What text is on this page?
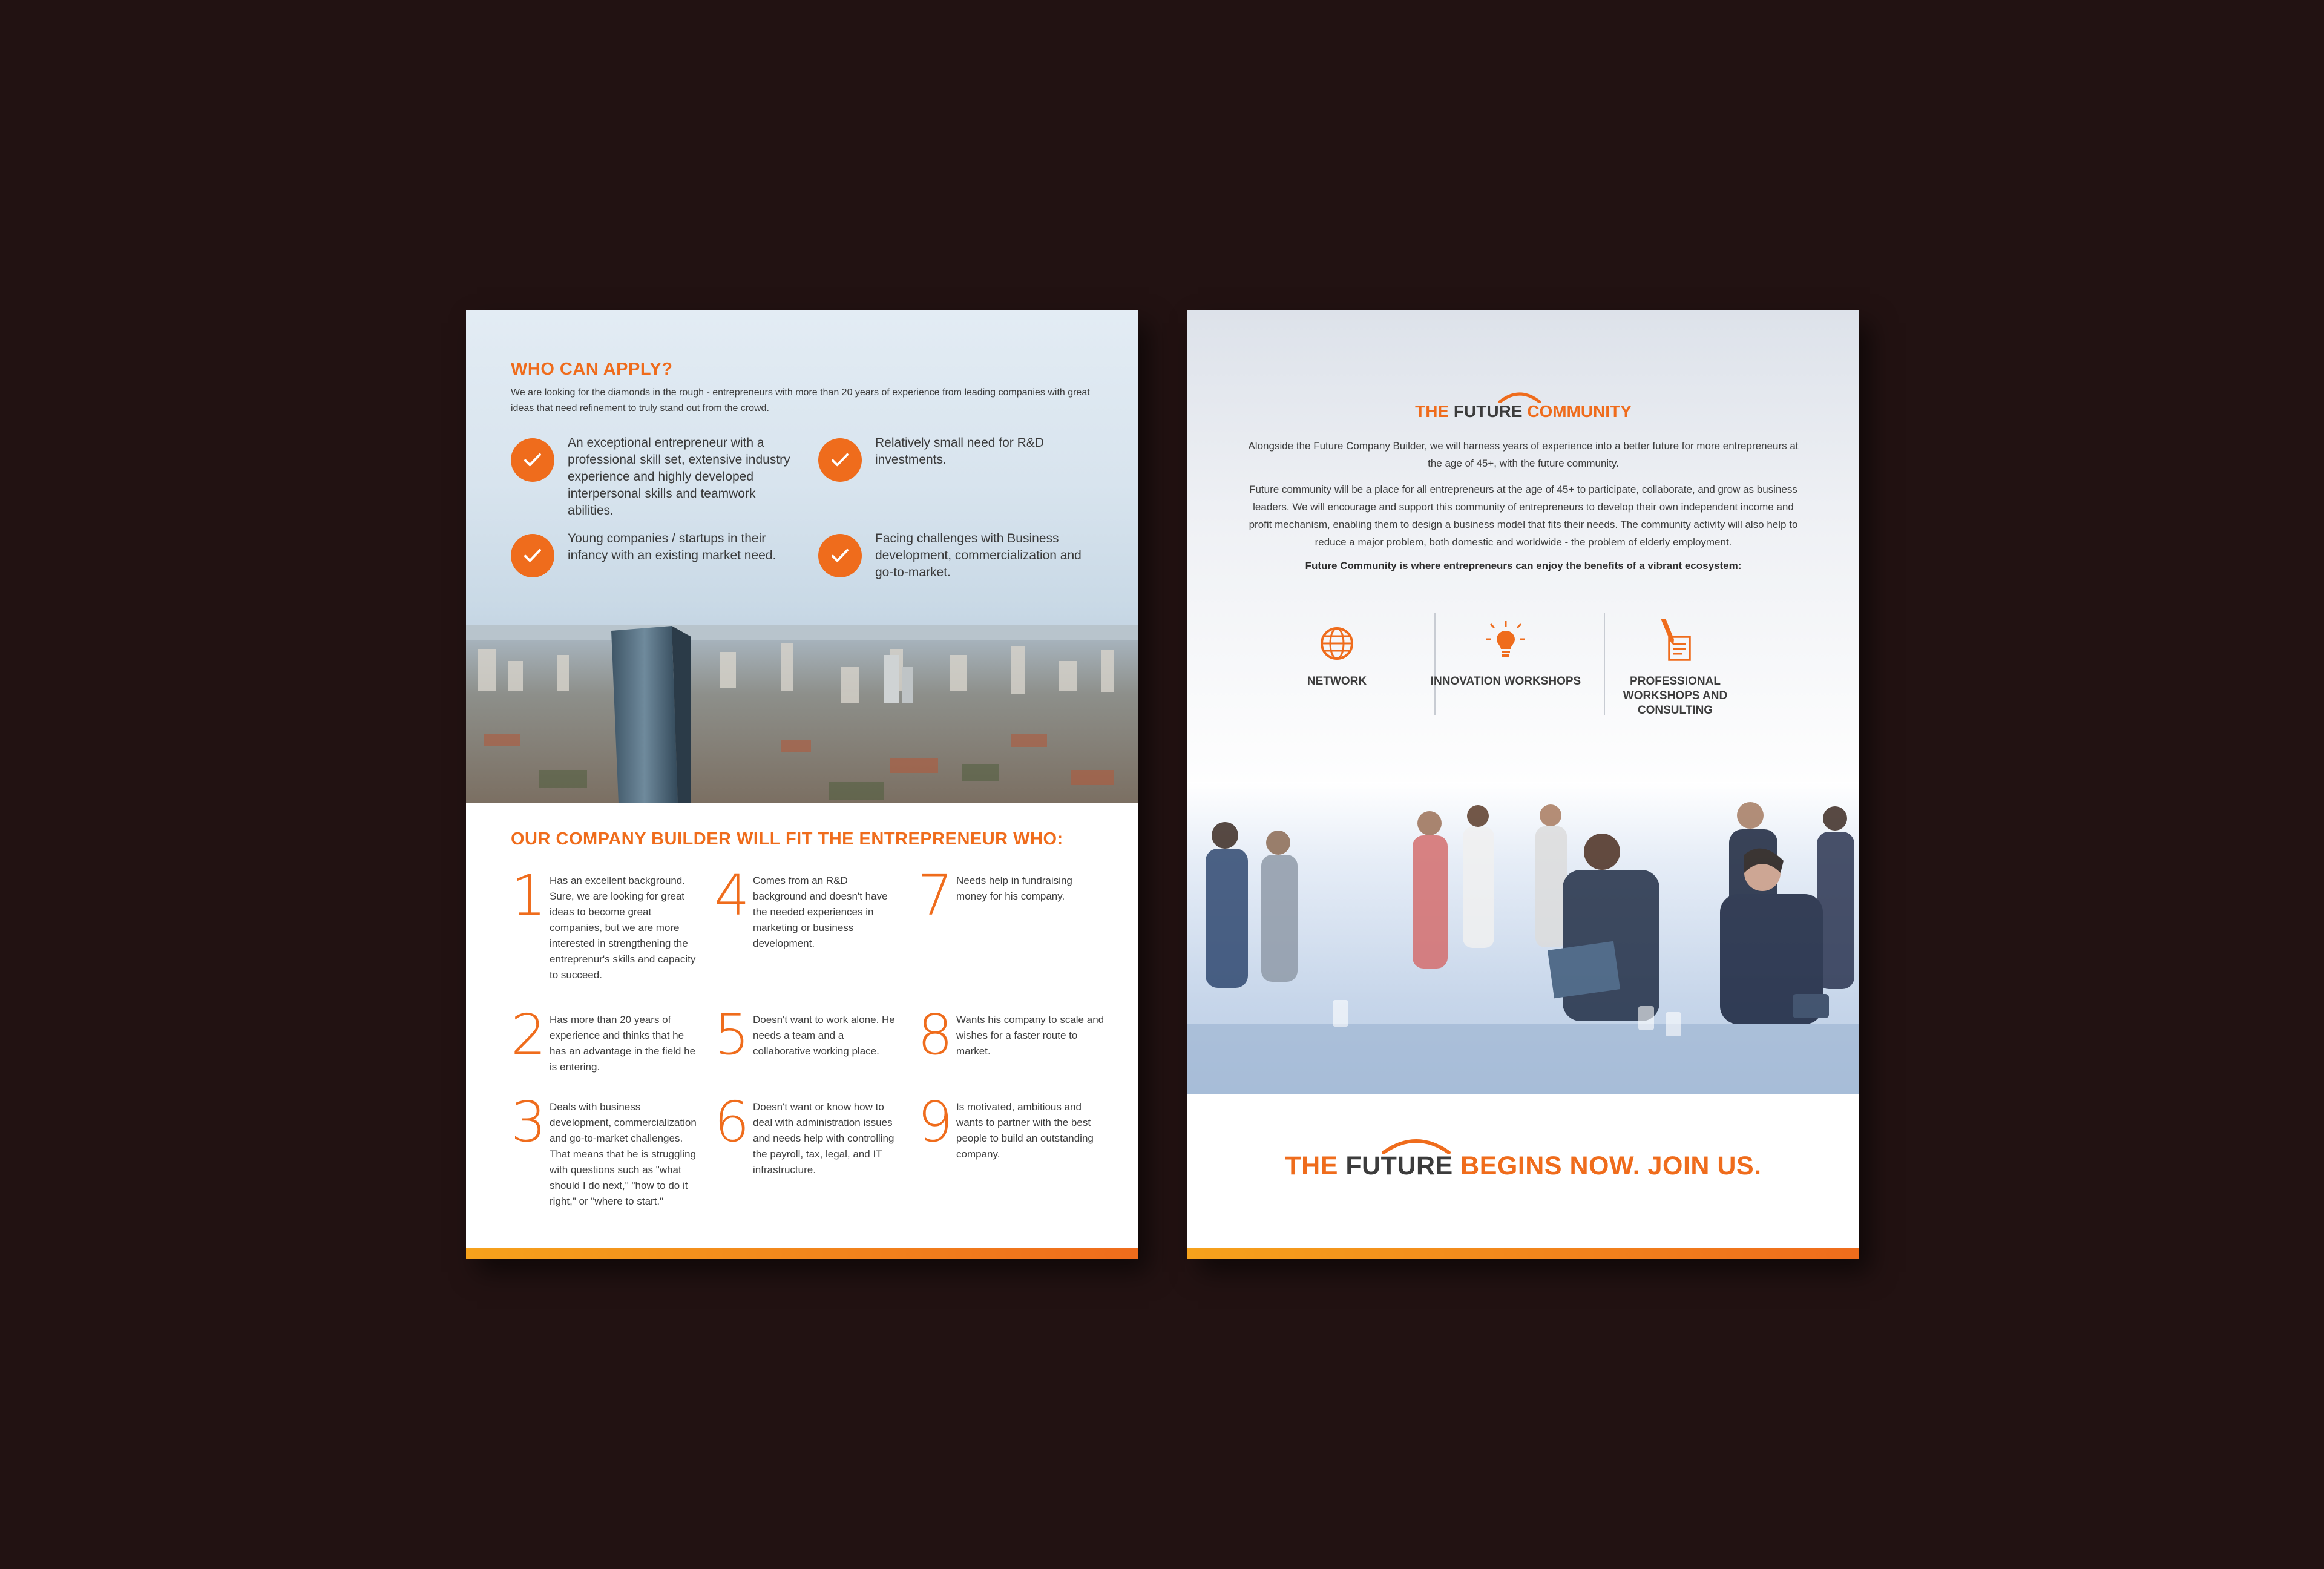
WHO CAN APPLY?
We are looking for the diamonds in the rough - entrepreneurs with more than 20 years of experience from leading companies with great ideas that need refinement to truly stand out from the crowd.
An exceptional entrepreneur with a professional skill set, extensive industry experience and highly developed interpersonal skills and teamwork abilities.
Relatively small need for R&D investments.
Young companies / startups in their infancy with an existing market need.
Facing challenges with Business development, commercialization and go-to-market.
OUR COMPANY BUILDER WILL FIT THE ENTREPRENEUR WHO:
1 Has an excellent background. Sure, we are looking for great ideas to become great companies, but we are more interested in strengthening the entreprenur's skills and capacity to succeed.
2 Has more than 20 years of experience and thinks that he has an advantage in the field he is entering.
3 Deals with business development, commercialization and go-to-market challenges. That means that he is struggling with questions such as "what should I do next," "how to do it right," or "where to start."
4 Comes from an R&D background and doesn't have the needed experiences in marketing or business development.
5 Doesn't want to work alone. He needs a team and a collaborative working place.
6 Doesn't want or know how to deal with administration issues and needs help with controlling the payroll, tax, legal, and IT infrastructure.
7 Needs help in fundraising money for his company.
8 Wants his company to scale and wishes for a faster route to market.
9 Is motivated, ambitious and wants to partner with the best people to build an outstanding company.
THE FUTURE COMMUNITY
Alongside the Future Company Builder, we will harness years of experience into a better future for more entrepreneurs at the age of 45+, with the future community.
Future community will be a place for all entrepreneurs at the age of 45+ to participate, collaborate, and grow as business leaders. We will encourage and support this community of entrepreneurs to develop their own independent income and profit mechanism, enabling them to design a business model that fits their needs. The community activity will also help to reduce a major problem, both domestic and worldwide - the problem of elderly employment.
Future Community is where entrepreneurs can enjoy the benefits of a vibrant ecosystem:
NETWORK	INNOVATION WORKSHOPS	PROFESSIONAL WORKSHOPS AND CONSULTING
THE FUTURE BEGINS NOW. JOIN US.
